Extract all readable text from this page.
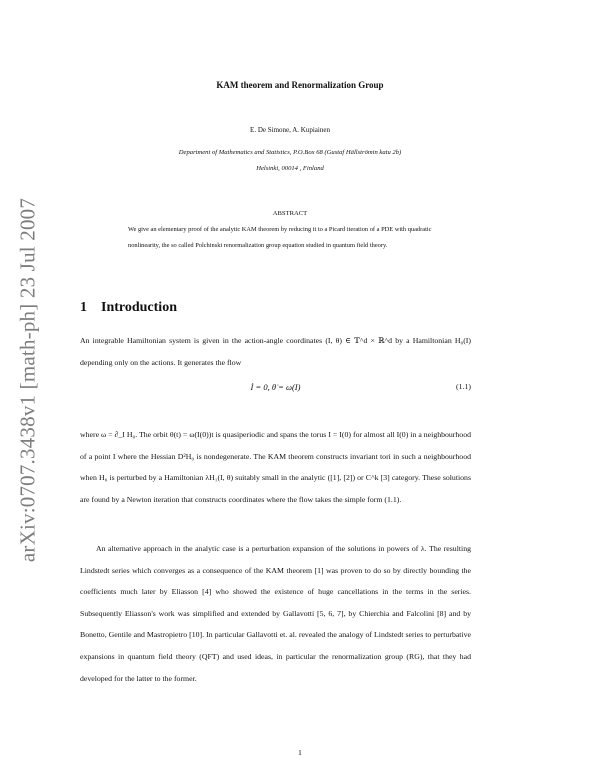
arXiv:0707.3438v1 [math-ph] 23 Jul 2007
KAM theorem and Renormalization Group
E. De Simone, A. Kupiainen
Department of Mathematics and Statistics, P.O.Box 68 (Gustaf Hällströmin katu 2b)
Helsinki, 00014 , Finland
ABSTRACT
We give an elementary proof of the analytic KAM theorem by reducing it to a Picard iteration of a PDE with quadratic nonlinearity, the so called Polchinski renormalization group equation studied in quantum field theory.
1 Introduction
An integrable Hamiltonian system is given in the action-angle coordinates (I, θ) ∈ 𝕋^d × ℝ^d by a Hamiltonian H₀(I) depending only on the actions. It generates the flow
İ = 0, θ̇ = ω(I)	(1.1)
where ω = ∂_I H₀. The orbit θ(t) = ω(I(0))t is quasiperiodic and spans the torus I = I(0) for almost all I(0) in a neighbourhood of a point I where the Hessian D²H₀ is nondegenerate. The KAM theorem constructs invariant tori in such a neighbourhood when H₀ is perturbed by a Hamiltonian λH₁(I, θ) suitably small in the analytic ([1], [2]) or C^k [3] category. These solutions are found by a Newton iteration that constructs coordinates where the flow takes the simple form (1.1).
An alternative approach in the analytic case is a perturbation expansion of the solutions in powers of λ. The resulting Lindstedt series which converges as a consequence of the KAM theorem [1] was proven to do so by directly bounding the coefficients much later by Eliasson [4] who showed the existence of huge cancellations in the terms in the series. Subsequently Eliasson's work was simplified and extended by Gallavotti [5, 6, 7], by Chierchia and Falcolini [8] and by Bonetto, Gentile and Mastropietro [10]. In particular Gallavotti et. al. revealed the analogy of Lindstedt series to perturbative expansions in quantum field theory (QFT) and used ideas, in particular the renormalization group (RG), that they had developed for the latter to the former.
1
